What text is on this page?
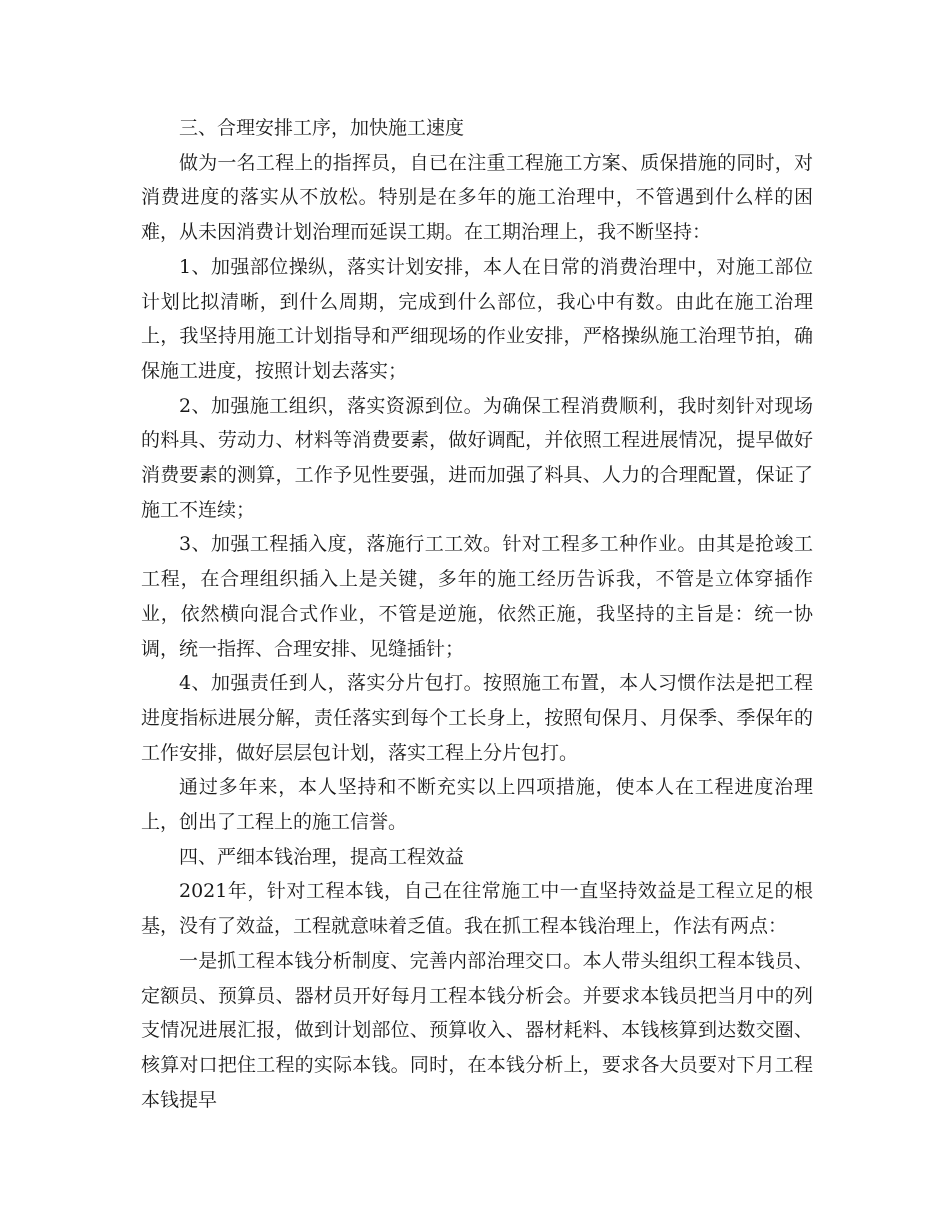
三、合理安排工序，加快施工速度

做为一名工程上的指挥员，自已在注重工程施工方案、质保措施的同时，对消费进度的落实从不放松。特别是在多年的施工治理中，不管遇到什么样的困难，从未因消费计划治理而延误工期。在工期治理上，我不断坚持：

1、加强部位操纵，落实计划安排，本人在日常的消费治理中，对施工部位计划比拟清晰，到什么周期，完成到什么部位，我心中有数。由此在施工治理上，我坚持用施工计划指导和严细现场的作业安排，严格操纵施工治理节拍，确保施工进度，按照计划去落实；

2、加强施工组织，落实资源到位。为确保工程消费顺利，我时刻针对现场的料具、劳动力、材料等消费要素，做好调配，并依照工程进展情况，提早做好消费要素的测算，工作予见性要强，进而加强了料具、人力的合理配置，保证了施工不连续；

3、加强工程插入度，落施行工工效。针对工程多工种作业。由其是抢竣工工程，在合理组织插入上是关键，多年的施工经历告诉我，不管是立体穿插作业，依然横向混合式作业，不管是逆施，依然正施，我坚持的主旨是：统一协调，统一指挥、合理安排、见缝插针；

4、加强责任到人，落实分片包打。按照施工布置，本人习惯作法是把工程进度指标进展分解，责任落实到每个工长身上，按照旬保月、月保季、季保年的工作安排，做好层层包计划，落实工程上分片包打。

通过多年来，本人坚持和不断充实以上四项措施，使本人在工程进度治理上，创出了工程上的施工信誉。

四、严细本钱治理，提高工程效益

2021年，针对工程本钱，自己在往常施工中一直坚持效益是工程立足的根基，没有了效益，工程就意味着乏值。我在抓工程本钱治理上，作法有两点：

一是抓工程本钱分析制度、完善内部治理交口。本人带头组织工程本钱员、定额员、预算员、器材员开好每月工程本钱分析会。并要求本钱员把当月中的列支情况进展汇报，做到计划部位、预算收入、器材耗料、本钱核算到达数交圈、核算对口把住工程的实际本钱。同时，在本钱分析上，要求各大员要对下月工程本钱提早
